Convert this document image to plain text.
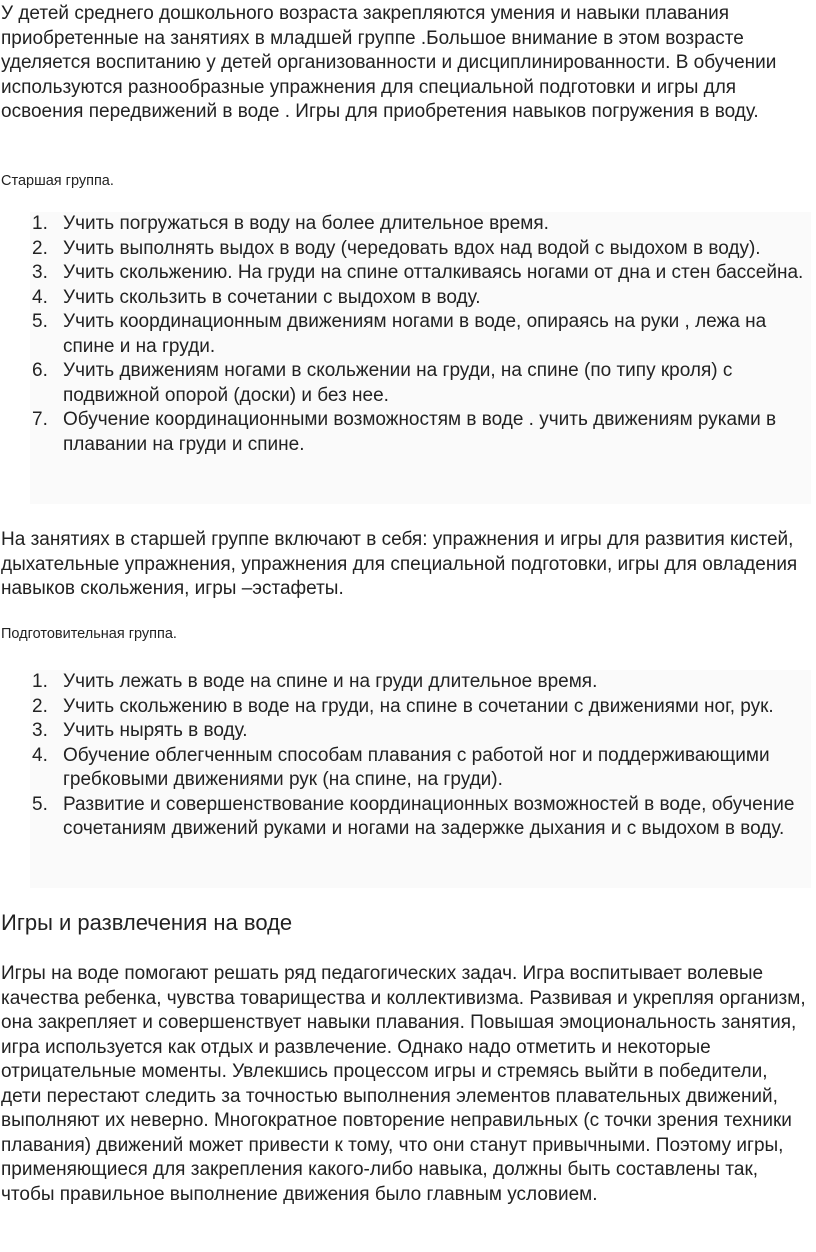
У детей среднего дошкольного возраста закрепляются умения и навыки плавания приобретенные на занятиях в младшей группе .Большое внимание в этом возрасте уделяется воспитанию у детей организованности и дисциплинированности. В обучении используются разнообразные упражнения для специальной подготовки и игры для освоения передвижений в воде . Игры для приобретения навыков погружения в воду.

Старшая группа.

1. Учить погружаться в воду на более длительное время.
2. Учить выполнять выдох в воду (чередовать вдох над водой с выдохом в воду).
3. Учить скольжению. На груди на спине отталкиваясь ногами от дна и стен бассейна.
4. Учить скользить в сочетании с выдохом в воду.
5. Учить координационным движениям ногами в воде, опираясь на руки , лежа на спине и на груди.
6. Учить движениям ногами в скольжении на груди, на спине (по типу кроля) с подвижной опорой (доски) и без нее.
7. Обучение координационными возможностям в воде . учить движениям руками в плавании на груди и спине.

На занятиях в старшей группе включают в себя: упражнения и игры для развития кистей, дыхательные упражнения, упражнения для специальной подготовки, игры для овладения навыков скольжения, игры –эстафеты.

Подготовительная группа.

1. Учить лежать в воде на спине и на груди длительное время.
2. Учить скольжению в воде на груди, на спине в сочетании с движениями ног, рук.
3. Учить нырять в воду.
4. Обучение облегченным способам плавания с работой ног и поддерживающими гребковыми движениями рук (на спине, на груди).
5. Развитие и совершенствование координационных возможностей в воде, обучение сочетаниям движений руками и ногами на задержке дыхания и с выдохом в воду.
Игры и развлечения на воде

Игры на воде помогают решать ряд педагогических задач. Игра воспитывает волевые качества ребенка, чувства товарищества и коллективизма. Развивая и укрепляя организм, она закрепляет и совершенствует навыки плавания. Повышая эмоциональность занятия, игра используется как отдых и развлечение. Однако надо отметить и некоторые отрицательные моменты. Увлекшись процессом игры и стремясь выйти в победители, дети перестают следить за точностью выполнения элементов плавательных движений, выполняют их неверно. Многократное повторение неправильных (с точки зрения техники плавания) движений может привести к тому, что они станут привычными. Поэтому игры, применяющиеся для закрепления какого-либо навыка, должны быть составлены так, чтобы правильное выполнение движения было главным условием.
